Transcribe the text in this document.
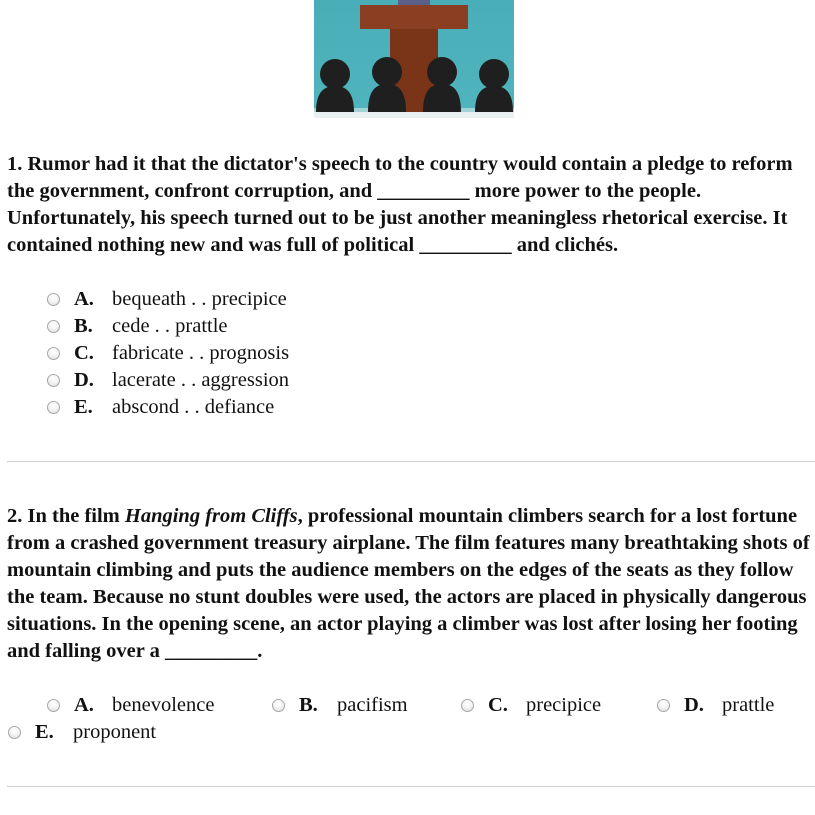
1. Rumor had it that the dictator's speech to the country would contain a pledge to reform the government, confront corruption, and _________ more power to the people. Unfortunately, his speech turned out to be just another meaningless rhetorical exercise. It contained nothing new and was full of political _________ and clichés.
A. bequeath . . precipice
B. cede . . prattle
C. fabricate . . prognosis
D. lacerate . . aggression
E. abscond . . defiance
2. In the film Hanging from Cliffs, professional mountain climbers search for a lost fortune from a crashed government treasury airplane. The film features many breathtaking shots of mountain climbing and puts the audience members on the edges of the seats as they follow the team. Because no stunt doubles were used, the actors are placed in physically dangerous situations. In the opening scene, an actor playing a climber was lost after losing her footing and falling over a _________.
A. benevolence	B. pacifism	C. precipice	D. prattle
E. proponent
